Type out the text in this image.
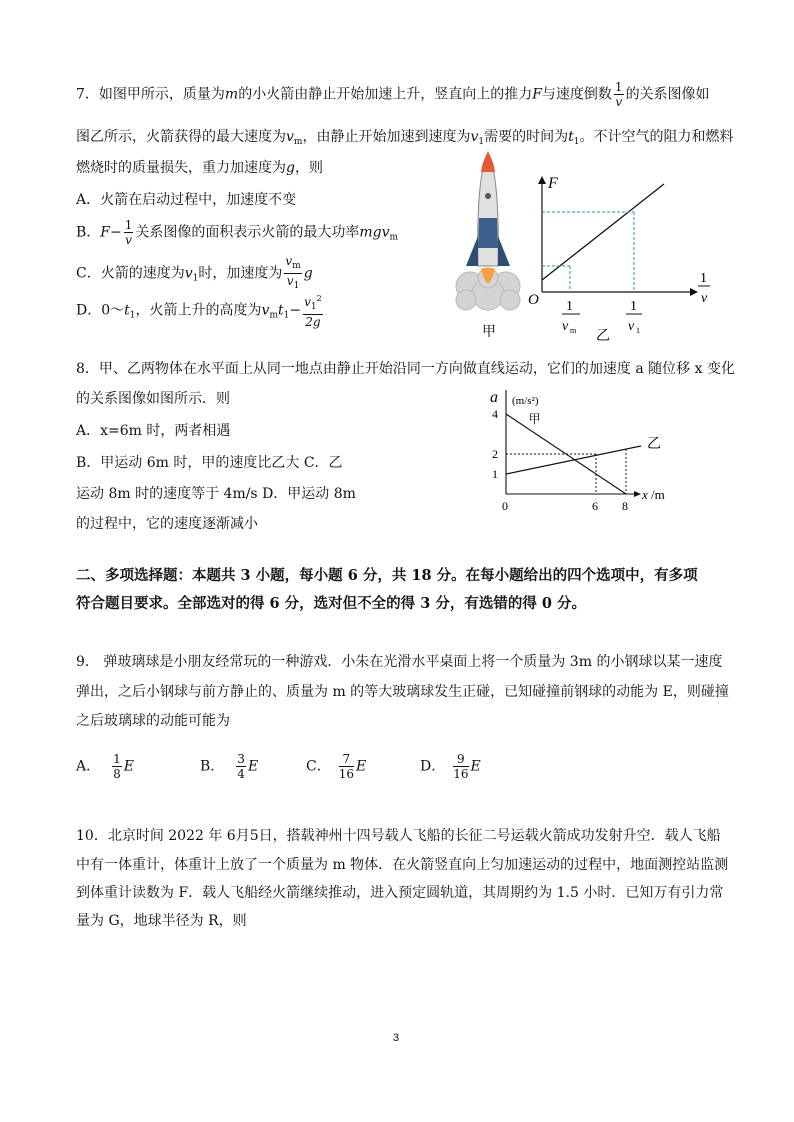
7．如图甲所示，质量为m的小火箭由静止开始加速上升，竖直向上的推力F与速度倒数 $\frac{1}{v}$ 的关系图像如
图乙所示，火箭获得的最大速度为$v_m$，由静止开始加速到速度为$v_1$需要的时间为$t_1$。不计空气的阻力和燃料
燃烧时的质量损失，重力加速度为g，则
A．火箭在启动过程中，加速度不变
B．$F- \frac{1}{v}$ 关系图像的面积表示火箭的最大功率mgv$_m$
C．火箭的速度为$v_1$时，加速度为 $\frac{v_m}{v_1}$ g
D．$0\sim t_1$，火箭上升的高度为$v_mt_1- \frac{v_1^2}{2g}$
甲
F
1
v
O 1
v m
1
v 1
乙
8．甲、乙两物体在水平面上从同一地点由静止开始沿同一方向做直线运动，它们的加速度 a 随位移 x 变化
的关系图像如图所示．则
A．x=6m 时，两者相遇
B．甲运动 6m 时，甲的速度比乙大 C．乙
运动 8m 时的速度等于 4m/s D．甲运动 8m
的过程中，它的速度逐渐减小
a (m/s²)
x /m
甲
乙
1
2
4
0	6 8
二、多项选择题：本题共 3 小题，每小题 6 分，共 18 分。在每小题给出的四个选项中，有多项
符合题目要求。全部选对的得 6 分，选对但不全的得 3 分，有选错的得 0 分。
9． 弹玻璃球是小朋友经常玩的一种游戏．小朱在光滑水平桌面上将一个质量为 3m 的小钢球以某一速度
弹出，之后小钢球与前方静止的、质量为 m 的等大玻璃球发生正碰，已知碰撞前钢球的动能为 E，则碰撞
之后玻璃球的动能可能为
A． $\frac{1}{8}$ E	B． $\frac{3}{4}$ E	C． $\frac{7}{16}$ E	D． $\frac{9}{16}$ E
10．北京时间 2022 年 6月5日，搭载神州十四号载人飞船的长征二号运载火箭成功发射升空．载人飞船
中有一体重计，体重计上放了一个质量为 m 物体．在火箭竖直向上匀加速运动的过程中，地面测控站监测
到体重计读数为 F．载人飞船经火箭继续推动，进入预定圆轨道，其周期约为 1.5 小时．已知万有引力常
量为 G，地球半径为 R，则
3
